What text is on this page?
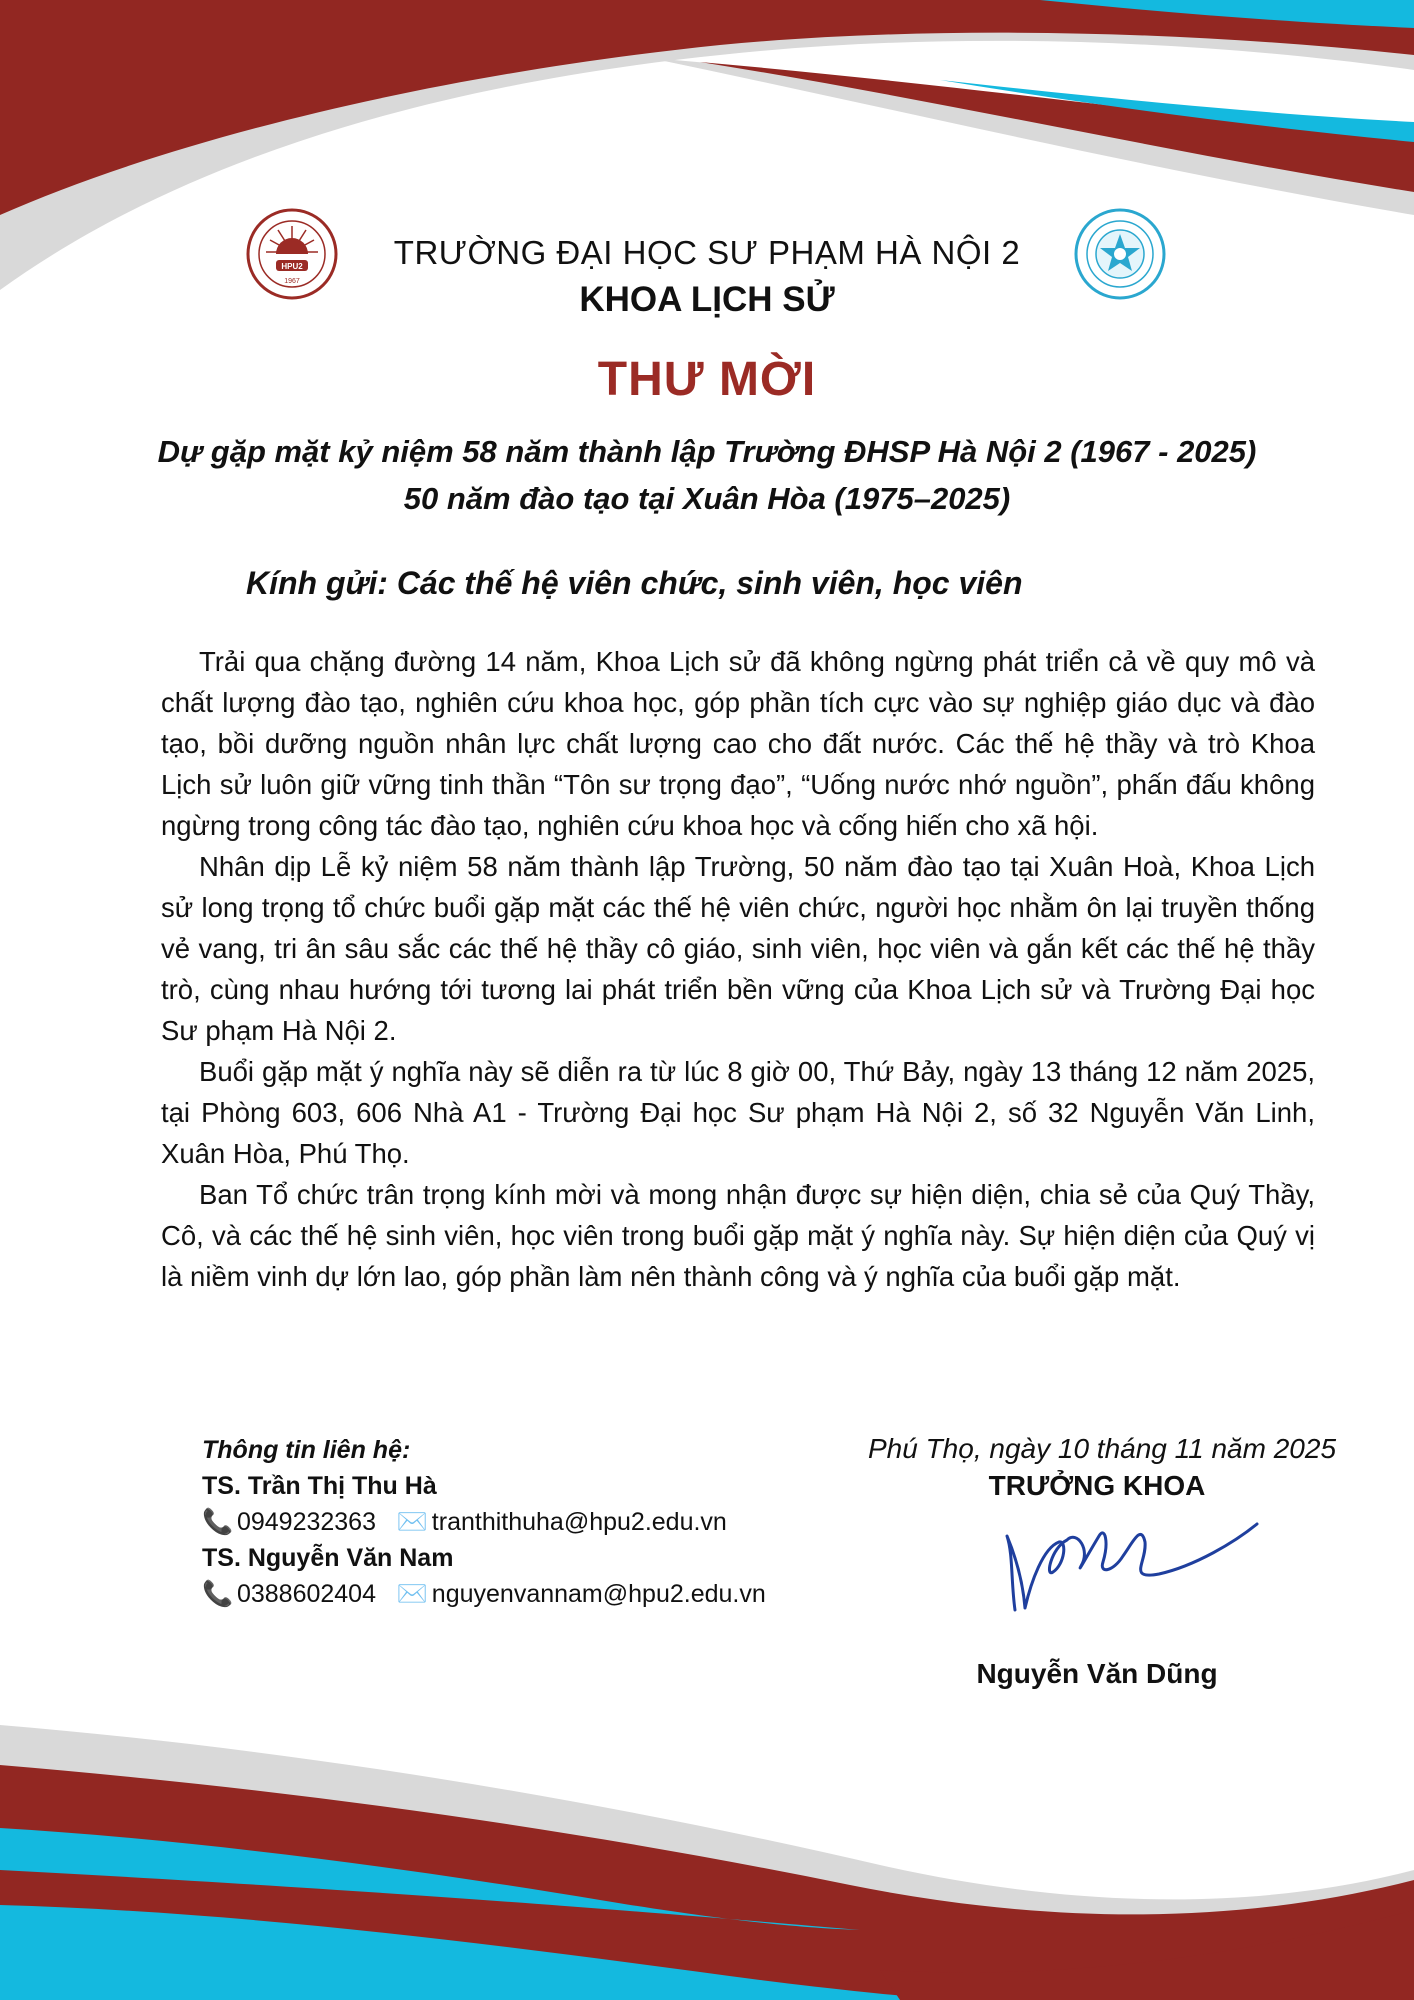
HPU2
1967
TRƯỜNG ĐẠI HỌC SƯ PHẠM HÀ NỘI 2
KHOA LỊCH SỬ
THƯ MỜI
Dự gặp mặt kỷ niệm 58 năm thành lập Trường ĐHSP Hà Nội 2 (1967 - 2025)
50 năm đào tạo tại Xuân Hòa (1975–2025)
Kính gửi: Các thế hệ viên chức, sinh viên, học viên

Trải qua chặng đường 14 năm, Khoa Lịch sử đã không ngừng phát triển cả về quy mô và chất lượng đào tạo, nghiên cứu khoa học, góp phần tích cực vào sự nghiệp giáo dục và đào tạo, bồi dưỡng nguồn nhân lực chất lượng cao cho đất nước. Các thế hệ thầy và trò Khoa Lịch sử luôn giữ vững tinh thần “Tôn sư trọng đạo”, “Uống nước nhớ nguồn”, phấn đấu không ngừng trong công tác đào tạo, nghiên cứu khoa học và cống hiến cho xã hội.

Nhân dịp Lễ kỷ niệm 58 năm thành lập Trường, 50 năm đào tạo tại Xuân Hoà, Khoa Lịch sử long trọng tổ chức buổi gặp mặt các thế hệ viên chức, người học nhằm ôn lại truyền thống vẻ vang, tri ân sâu sắc các thế hệ thầy cô giáo, sinh viên, học viên và gắn kết các thế hệ thầy trò, cùng nhau hướng tới tương lai phát triển bền vững của Khoa Lịch sử và Trường Đại học Sư phạm Hà Nội 2.

Buổi gặp mặt ý nghĩa này sẽ diễn ra từ lúc 8 giờ 00, Thứ Bảy, ngày 13 tháng 12 năm 2025, tại Phòng 603, 606 Nhà A1 - Trường Đại học Sư phạm Hà Nội 2, số 32 Nguyễn Văn Linh, Xuân Hòa, Phú Thọ.

Ban Tổ chức trân trọng kính mời và mong nhận được sự hiện diện, chia sẻ của Quý Thầy, Cô, và các thế hệ sinh viên, học viên trong buổi gặp mặt ý nghĩa này. Sự hiện diện của Quý vị là niềm vinh dự lớn lao, góp phần làm nên thành công và ý nghĩa của buổi gặp mặt.

Thông tin liên hệ:
TS. Trần Thị Thu Hà
📞 0949232363 ✉️ tranthithuha@hpu2.edu.vn
TS. Nguyễn Văn Nam
📞 0388602404 ✉️ nguyenvannam@hpu2.edu.vn
Phú Thọ, ngày 10 tháng 11 năm 2025
TRƯỞNG KHOA
Nguyễn Văn Dũng
